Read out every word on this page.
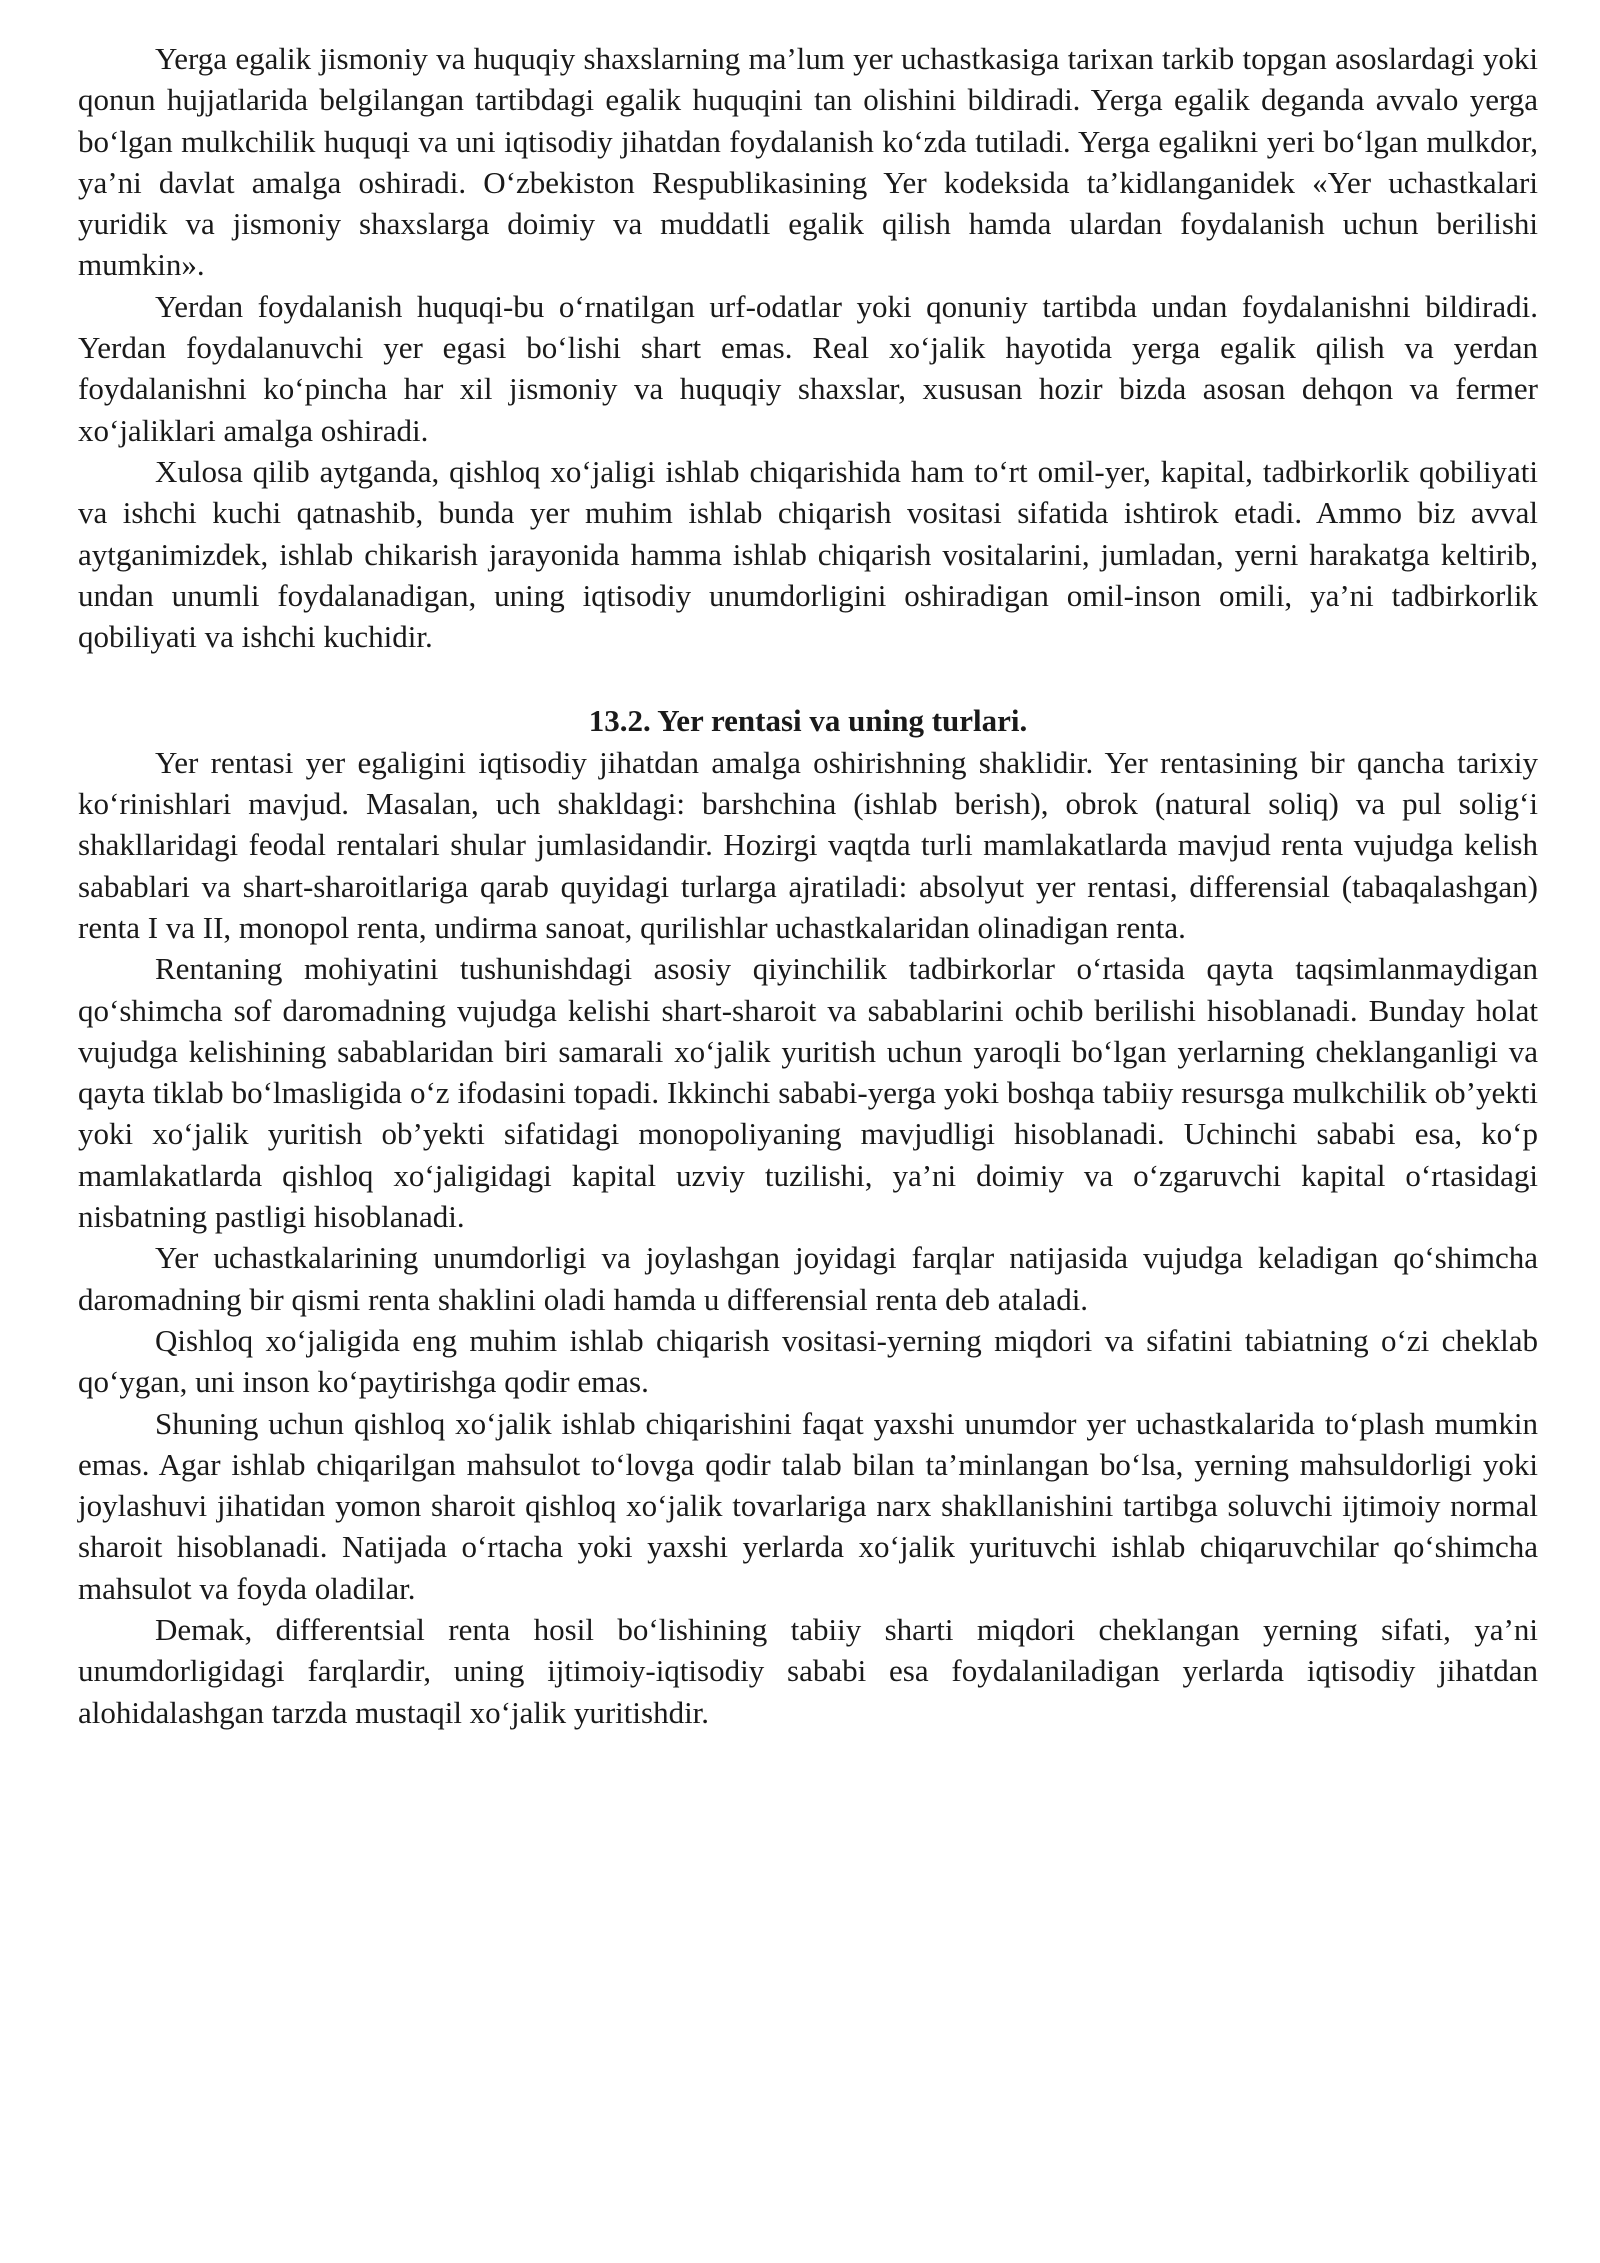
Yerga egalik jismoniy va huquqiy shaxslarning ma’lum yer uchastkasiga tarixan tarkib topgan asoslardagi yoki qonun hujjatlarida belgilangan tartibdagi egalik huquqini tan olishini bildiradi. Yerga egalik deganda avvalo yerga bo‘lgan mulkchilik huquqi va uni iqtisodiy jihatdan foydalanish ko‘zda tutiladi. Yerga egalikni yeri bo‘lgan mulkdor, ya’ni davlat amalga oshiradi. O‘zbekiston Respublikasining Yer kodeksida ta’kidlanganidek «Yer uchastkalari yuridik va jismoniy shaxslarga doimiy va muddatli egalik qilish hamda ulardan foydalanish uchun berilishi mumkin».

Yerdan foydalanish huquqi-bu o‘rnatilgan urf-odatlar yoki qonuniy tartibda undan foydalanishni bildiradi. Yerdan foydalanuvchi yer egasi bo‘lishi shart emas. Real xo‘jalik hayotida yerga egalik qilish va yerdan foydalanishni ko‘pincha har xil jismoniy va huquqiy shaxslar, xususan hozir bizda asosan dehqon va fermer xo‘jaliklari amalga oshiradi.

Xulosa qilib aytganda, qishloq xo‘jaligi ishlab chiqarishida ham to‘rt omil-yer, kapital, tadbirkorlik qobiliyati va ishchi kuchi qatnashib, bunda yer muhim ishlab chiqarish vositasi sifatida ishtirok etadi. Ammo biz avval aytganimizdek, ishlab chikarish jarayonida hamma ishlab chiqarish vositalarini, jumladan, yerni harakatga keltirib, undan unumli foydalanadigan, uning iqtisodiy unumdorligini oshiradigan omil-inson omili, ya’ni tadbirkorlik qobiliyati va ishchi kuchidir.

13.2. Yer rentasi va uning turlari.

Yer rentasi yer egaligini iqtisodiy jihatdan amalga oshirishning shaklidir. Yer rentasining bir qancha tarixiy ko‘rinishlari mavjud. Masalan, uch shakldagi: barshchina (ishlab berish), obrok (natural soliq) va pul solig‘i shakllaridagi feodal rentalari shular jumlasidandir. Hozirgi vaqtda turli mamlakatlarda mavjud renta vujudga kelish sabablari va shart-sharoitlariga qarab quyidagi turlarga ajratiladi: absolyut yer rentasi, differensial (tabaqalashgan) renta I va II, monopol renta, undirma sanoat, qurilishlar uchastkalaridan olinadigan renta.

Rentaning mohiyatini tushunishdagi asosiy qiyinchilik tadbirkorlar o‘rtasida qayta taqsimlanmaydigan qo‘shimcha sof daromadning vujudga kelishi shart-sharoit va sabablarini ochib berilishi hisoblanadi. Bunday holat vujudga kelishining sabablaridan biri samarali xo‘jalik yuritish uchun yaroqli bo‘lgan yerlarning cheklanganligi va qayta tiklab bo‘lmasligida o‘z ifodasini topadi. Ikkinchi sababi-yerga yoki boshqa tabiiy resursga mulkchilik ob’yekti yoki xo‘jalik yuritish ob’yekti sifatidagi monopoliyaning mavjudligi hisoblanadi. Uchinchi sababi esa, ko‘p mamlakatlarda qishloq xo‘jaligidagi kapital uzviy tuzilishi, ya’ni doimiy va o‘zgaruvchi kapital o‘rtasidagi nisbatning pastligi hisoblanadi.

Yer uchastkalarining unumdorligi va joylashgan joyidagi farqlar natijasida vujudga keladigan qo‘shimcha daromadning bir qismi renta shaklini oladi hamda u differensial renta deb ataladi.

Qishloq xo‘jaligida eng muhim ishlab chiqarish vositasi-yerning miqdori va sifatini tabiatning o‘zi cheklab qo‘ygan, uni inson ko‘paytirishga qodir emas.

Shuning uchun qishloq xo‘jalik ishlab chiqarishini faqat yaxshi unumdor yer uchastkalarida to‘plash mumkin emas. Agar ishlab chiqarilgan mahsulot to‘lovga qodir talab bilan ta’minlangan bo‘lsa, yerning mahsuldorligi yoki joylashuvi jihatidan yomon sharoit qishloq xo‘jalik tovarlariga narx shakllanishini tartibga soluvchi ijtimoiy normal sharoit hisoblanadi. Natijada o‘rtacha yoki yaxshi yerlarda xo‘jalik yurituvchi ishlab chiqaruvchilar qo‘shimcha mahsulot va foyda oladilar.

Demak, differentsial renta hosil bo‘lishining tabiiy sharti miqdori cheklangan yerning sifati, ya’ni unumdorligidagi farqlardir, uning ijtimoiy-iqtisodiy sababi esa foydalaniladigan yerlarda iqtisodiy jihatdan alohidalashgan tarzda mustaqil xo‘jalik yuritishdir.
